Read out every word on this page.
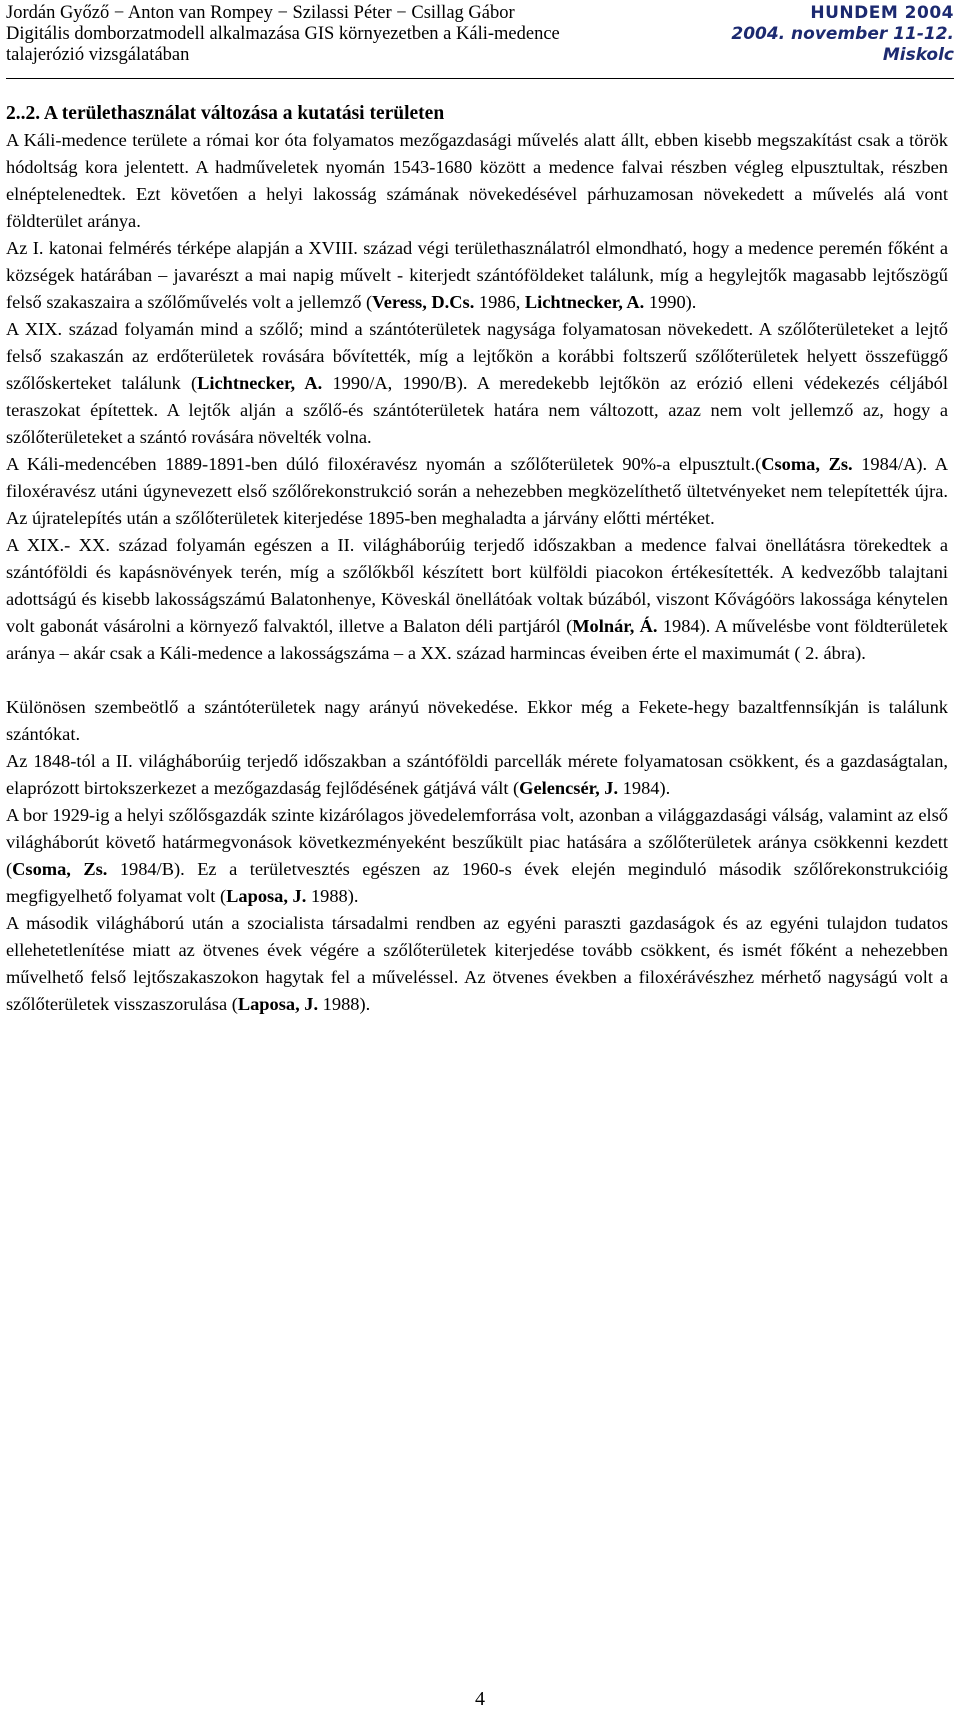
Jordán Győző − Anton van Rompey − Szilassi Péter − Csillag Gábor
Digitális domborzatmodell alkalmazása GIS környezetben a Káli-medence
talajerózió vizsgálatában
HUNDEM 2004
2004. november 11-12.
Miskolc
2..2. A területhasználat változása a kutatási területen

A Káli-medence területe a római kor óta folyamatos mezőgazdasági művelés alatt állt, ebben kisebb megszakítást csak a török hódoltság kora jelentett. A hadműveletek nyomán 1543-1680 között a medence falvai részben végleg elpusztultak, részben elnéptelenedtek. Ezt követően a helyi lakosság számának növekedésével párhuzamosan növekedett a művelés alá vont földterület aránya.

Az I. katonai felmérés térképe alapján a XVIII. század végi területhasználatról elmondható, hogy a medence peremén főként a községek határában – javarészt a mai napig művelt - kiterjedt szántóföldeket találunk, míg a hegylejtők magasabb lejtőszögű felső szakaszaira a szőlőművelés volt a jellemző (Veress, D.Cs. 1986, Lichtnecker, A. 1990).

A XIX. század folyamán mind a szőlő; mind a szántóterületek nagysága folyamatosan növekedett. A szőlőterületeket a lejtő felső szakaszán az erdőterületek rovására bővítették, míg a lejtőkön a korábbi foltszerű szőlőterületek helyett összefüggő szőlőskerteket találunk (Lichtnecker, A. 1990/A, 1990/B). A meredekebb lejtőkön az erózió elleni védekezés céljából teraszokat építettek. A lejtők alján a szőlő-és szántóterületek határa nem változott, azaz nem volt jellemző az, hogy a szőlőterületeket a szántó rovására növelték volna.

A Káli-medencében 1889-1891-ben dúló filoxéravész nyomán a szőlőterületek 90%-a elpusztult.(Csoma, Zs. 1984/A). A filoxéravész utáni úgynevezett első szőlőrekonstrukció során a nehezebben megközelíthető ültetvényeket nem telepítették újra. Az újratelepítés után a szőlőterületek kiterjedése 1895-ben meghaladta a járvány előtti mértéket.

A XIX.- XX. század folyamán egészen a II. világháborúig terjedő időszakban a medence falvai önellátásra törekedtek a szántóföldi és kapásnövények terén, míg a szőlőkből készített bort külföldi piacokon értékesítették. A kedvezőbb talajtani adottságú és kisebb lakosságszámú Balatonhenye, Köveskál önellátóak voltak búzából, viszont Kővágóörs lakossága kénytelen volt gabonát vásárolni a környező falvaktól, illetve a Balaton déli partjáról (Molnár, Á. 1984). A művelésbe vont földterületek aránya – akár csak a Káli-medence a lakosságszáma – a XX. század harmincas éveiben érte el maximumát ( 2. ábra).

Különösen szembeötlő a szántóterületek nagy arányú növekedése. Ekkor még a Fekete-hegy bazaltfennsíkján is találunk szántókat.

Az 1848-tól a II. világháborúig terjedő időszakban a szántóföldi parcellák mérete folyamatosan csökkent, és a gazdaságtalan, elaprózott birtokszerkezet a mezőgazdaság fejlődésének gátjává vált (Gelencsér, J. 1984).

A bor 1929-ig a helyi szőlősgazdák szinte kizárólagos jövedelemforrása volt, azonban a világgazdasági válság, valamint az első világháborút követő határmegvonások következményeként beszűkült piac hatására a szőlőterületek aránya csökkenni kezdett (Csoma, Zs. 1984/B). Ez a területvesztés egészen az 1960-s évek elején meginduló második szőlőrekonstrukcióig megfigyelhető folyamat volt (Laposa, J. 1988).

A második világháború után a szocialista társadalmi rendben az egyéni paraszti gazdaságok és az egyéni tulajdon tudatos ellehetetlenítése miatt az ötvenes évek végére a szőlőterületek kiterjedése tovább csökkent, és ismét főként a nehezebben művelhető felső lejtőszakaszokon hagytak fel a műveléssel. Az ötvenes években a filoxérávészhez mérhető nagyságú volt a szőlőterületek visszaszorulása (Laposa, J. 1988).

4
